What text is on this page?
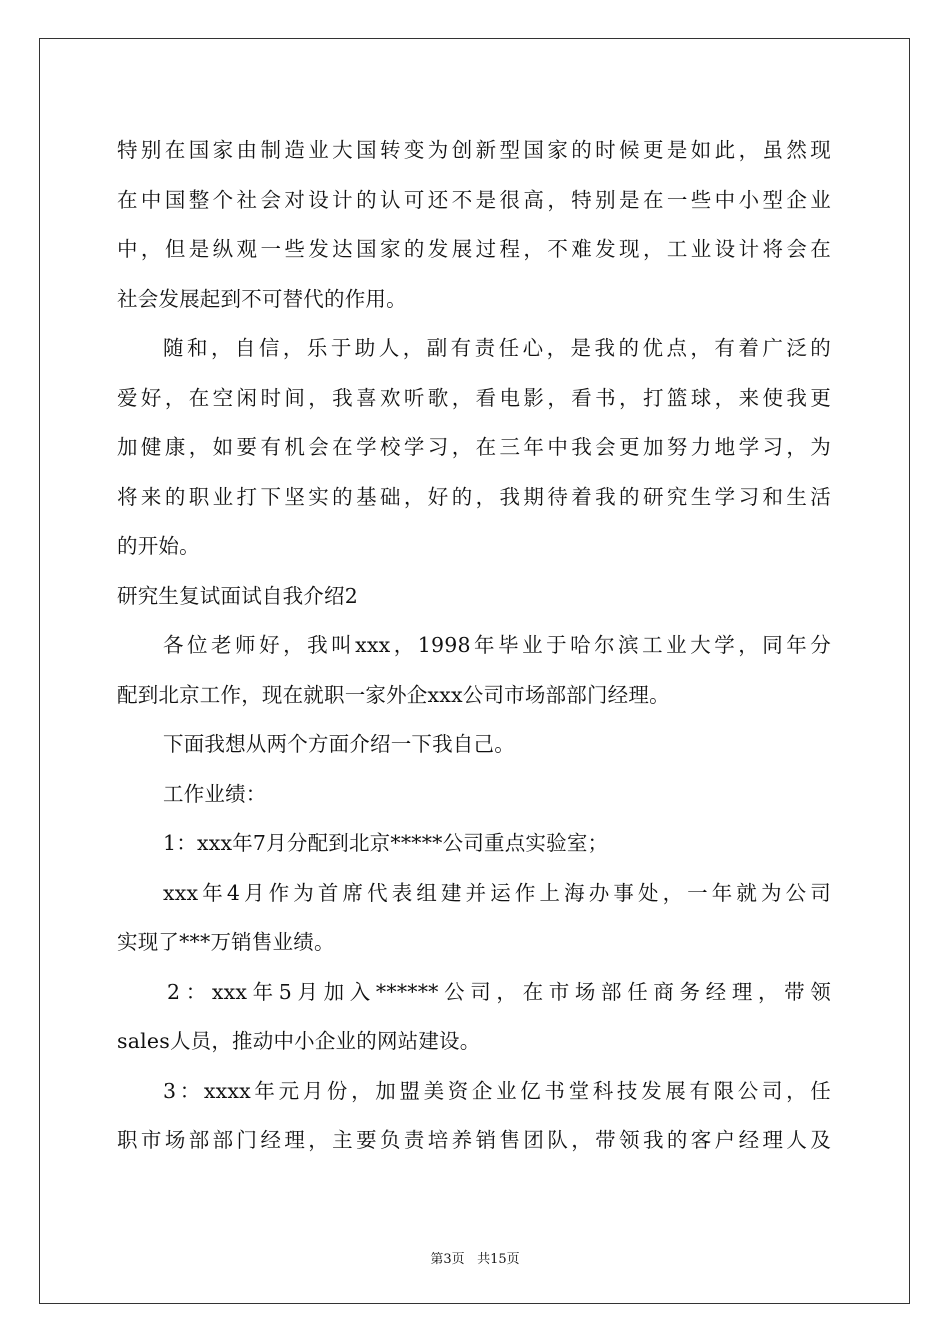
特别在国家由制造业大国转变为创新型国家的时候更是如此，虽然现
在中国整个社会对设计的认可还不是很高，特别是在一些中小型企业
中，但是纵观一些发达国家的发展过程，不难发现，工业设计将会在
社会发展起到不可替代的作用。
随和，自信，乐于助人，副有责任心，是我的优点，有着广泛的
爱好，在空闲时间，我喜欢听歌，看电影，看书，打篮球，来使我更
加健康，如要有机会在学校学习，在三年中我会更加努力地学习，为
将来的职业打下坚实的基础，好的，我期待着我的研究生学习和生活
的开始。
研究生复试面试自我介绍2
各位老师好，我叫xxx，1998年毕业于哈尔滨工业大学，同年分
配到北京工作，现在就职一家外企xxx公司市场部部门经理。
下面我想从两个方面介绍一下我自己。
工作业绩：
1：xxx年7月分配到北京*****公司重点实验室；
xxx年4月作为首席代表组建并运作上海办事处，一年就为公司
实现了***万销售业绩。
2：xxx年5月加入******公司，在市场部任商务经理，带领
sales人员，推动中小企业的网站建设。
3：xxxx年元月份，加盟美资企业亿书堂科技发展有限公司，任
职市场部部门经理，主要负责培养销售团队，带领我的客户经理人及
第3页 共15页
